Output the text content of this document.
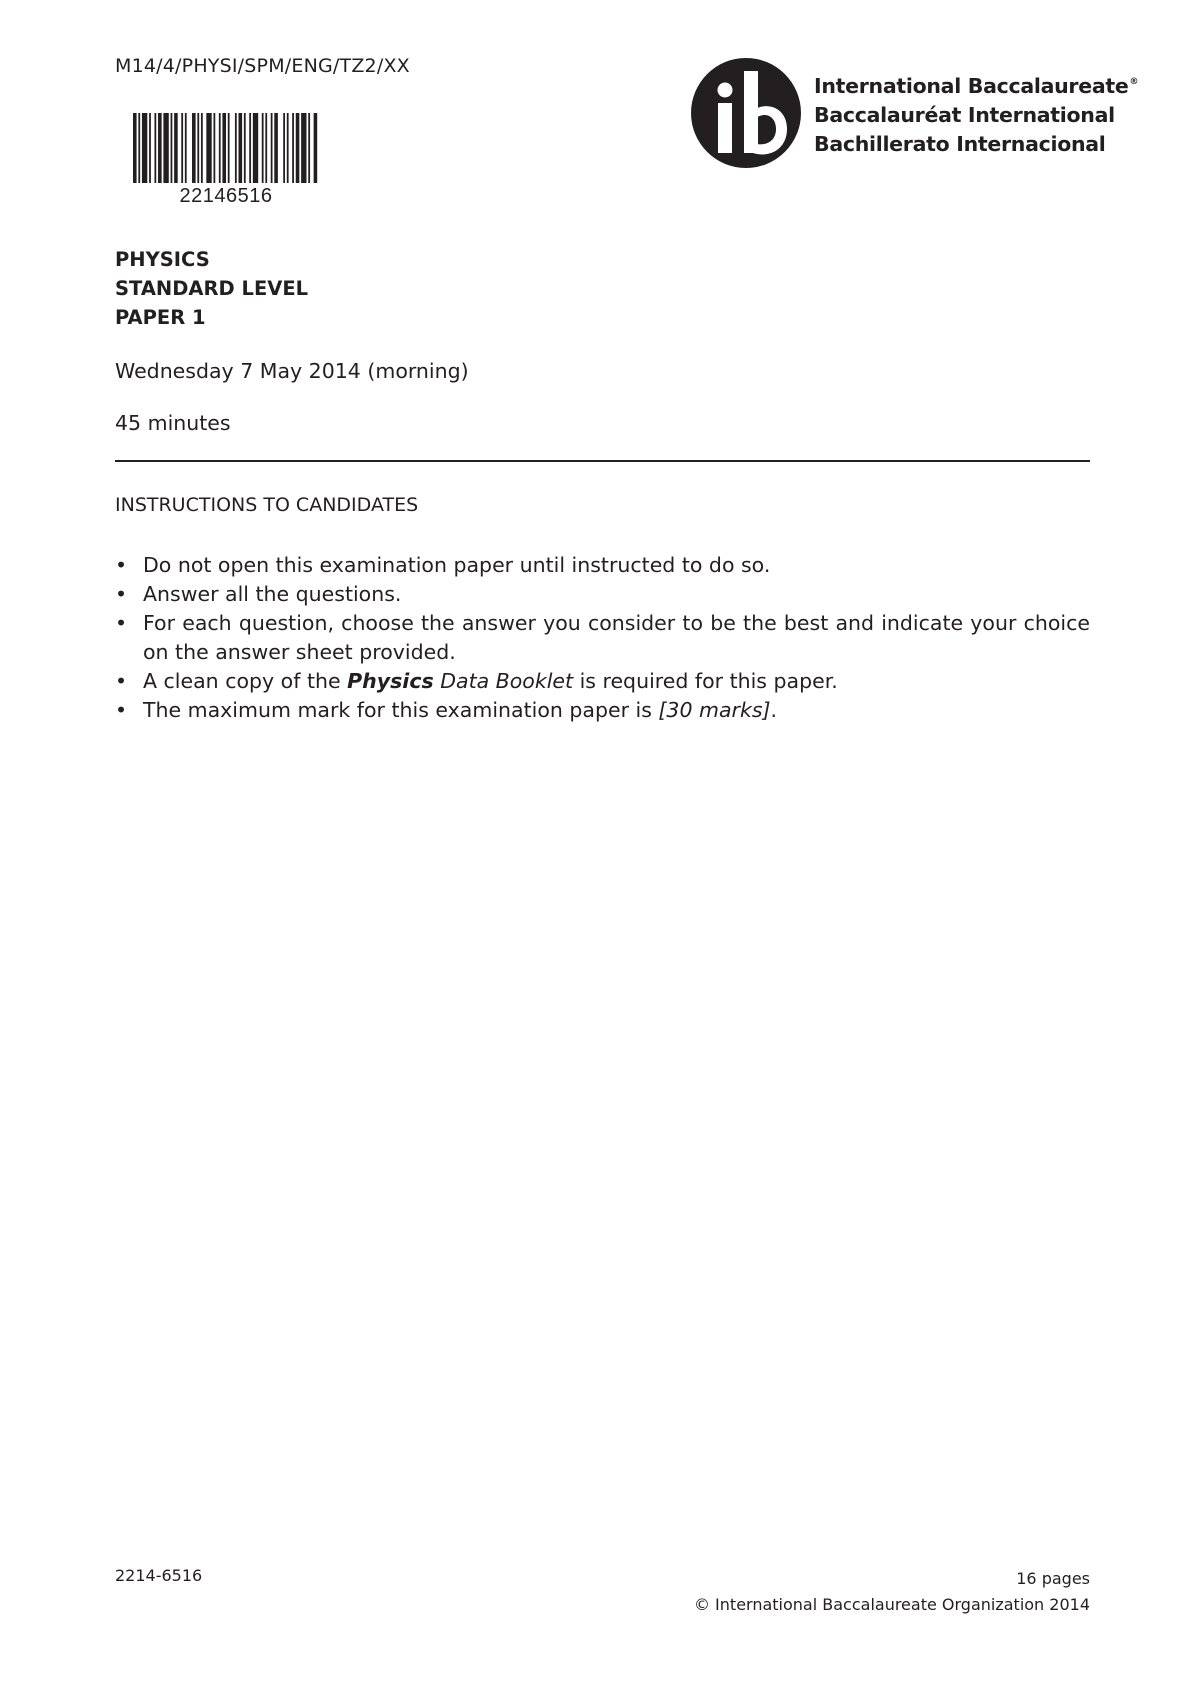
M14/4/PHYSI/SPM/ENG/TZ2/XX
22146516
International Baccalaureate®
Baccalauréat International
Bachillerato Internacional
PHYSICS
STANDARD LEVEL
PAPER 1
Wednesday 7 May 2014 (morning)
45 minutes
INSTRUCTIONS TO CANDIDATES
• Do not open this examination paper until instructed to do so.
• Answer all the questions.
• For each question, choose the answer you consider to be the best and indicate your choice on the answer sheet provided.
• A clean copy of the Physics Data Booklet is required for this paper.
• The maximum mark for this examination paper is [30 marks].
2214-6516	16 pages
© International Baccalaureate Organization 2014
